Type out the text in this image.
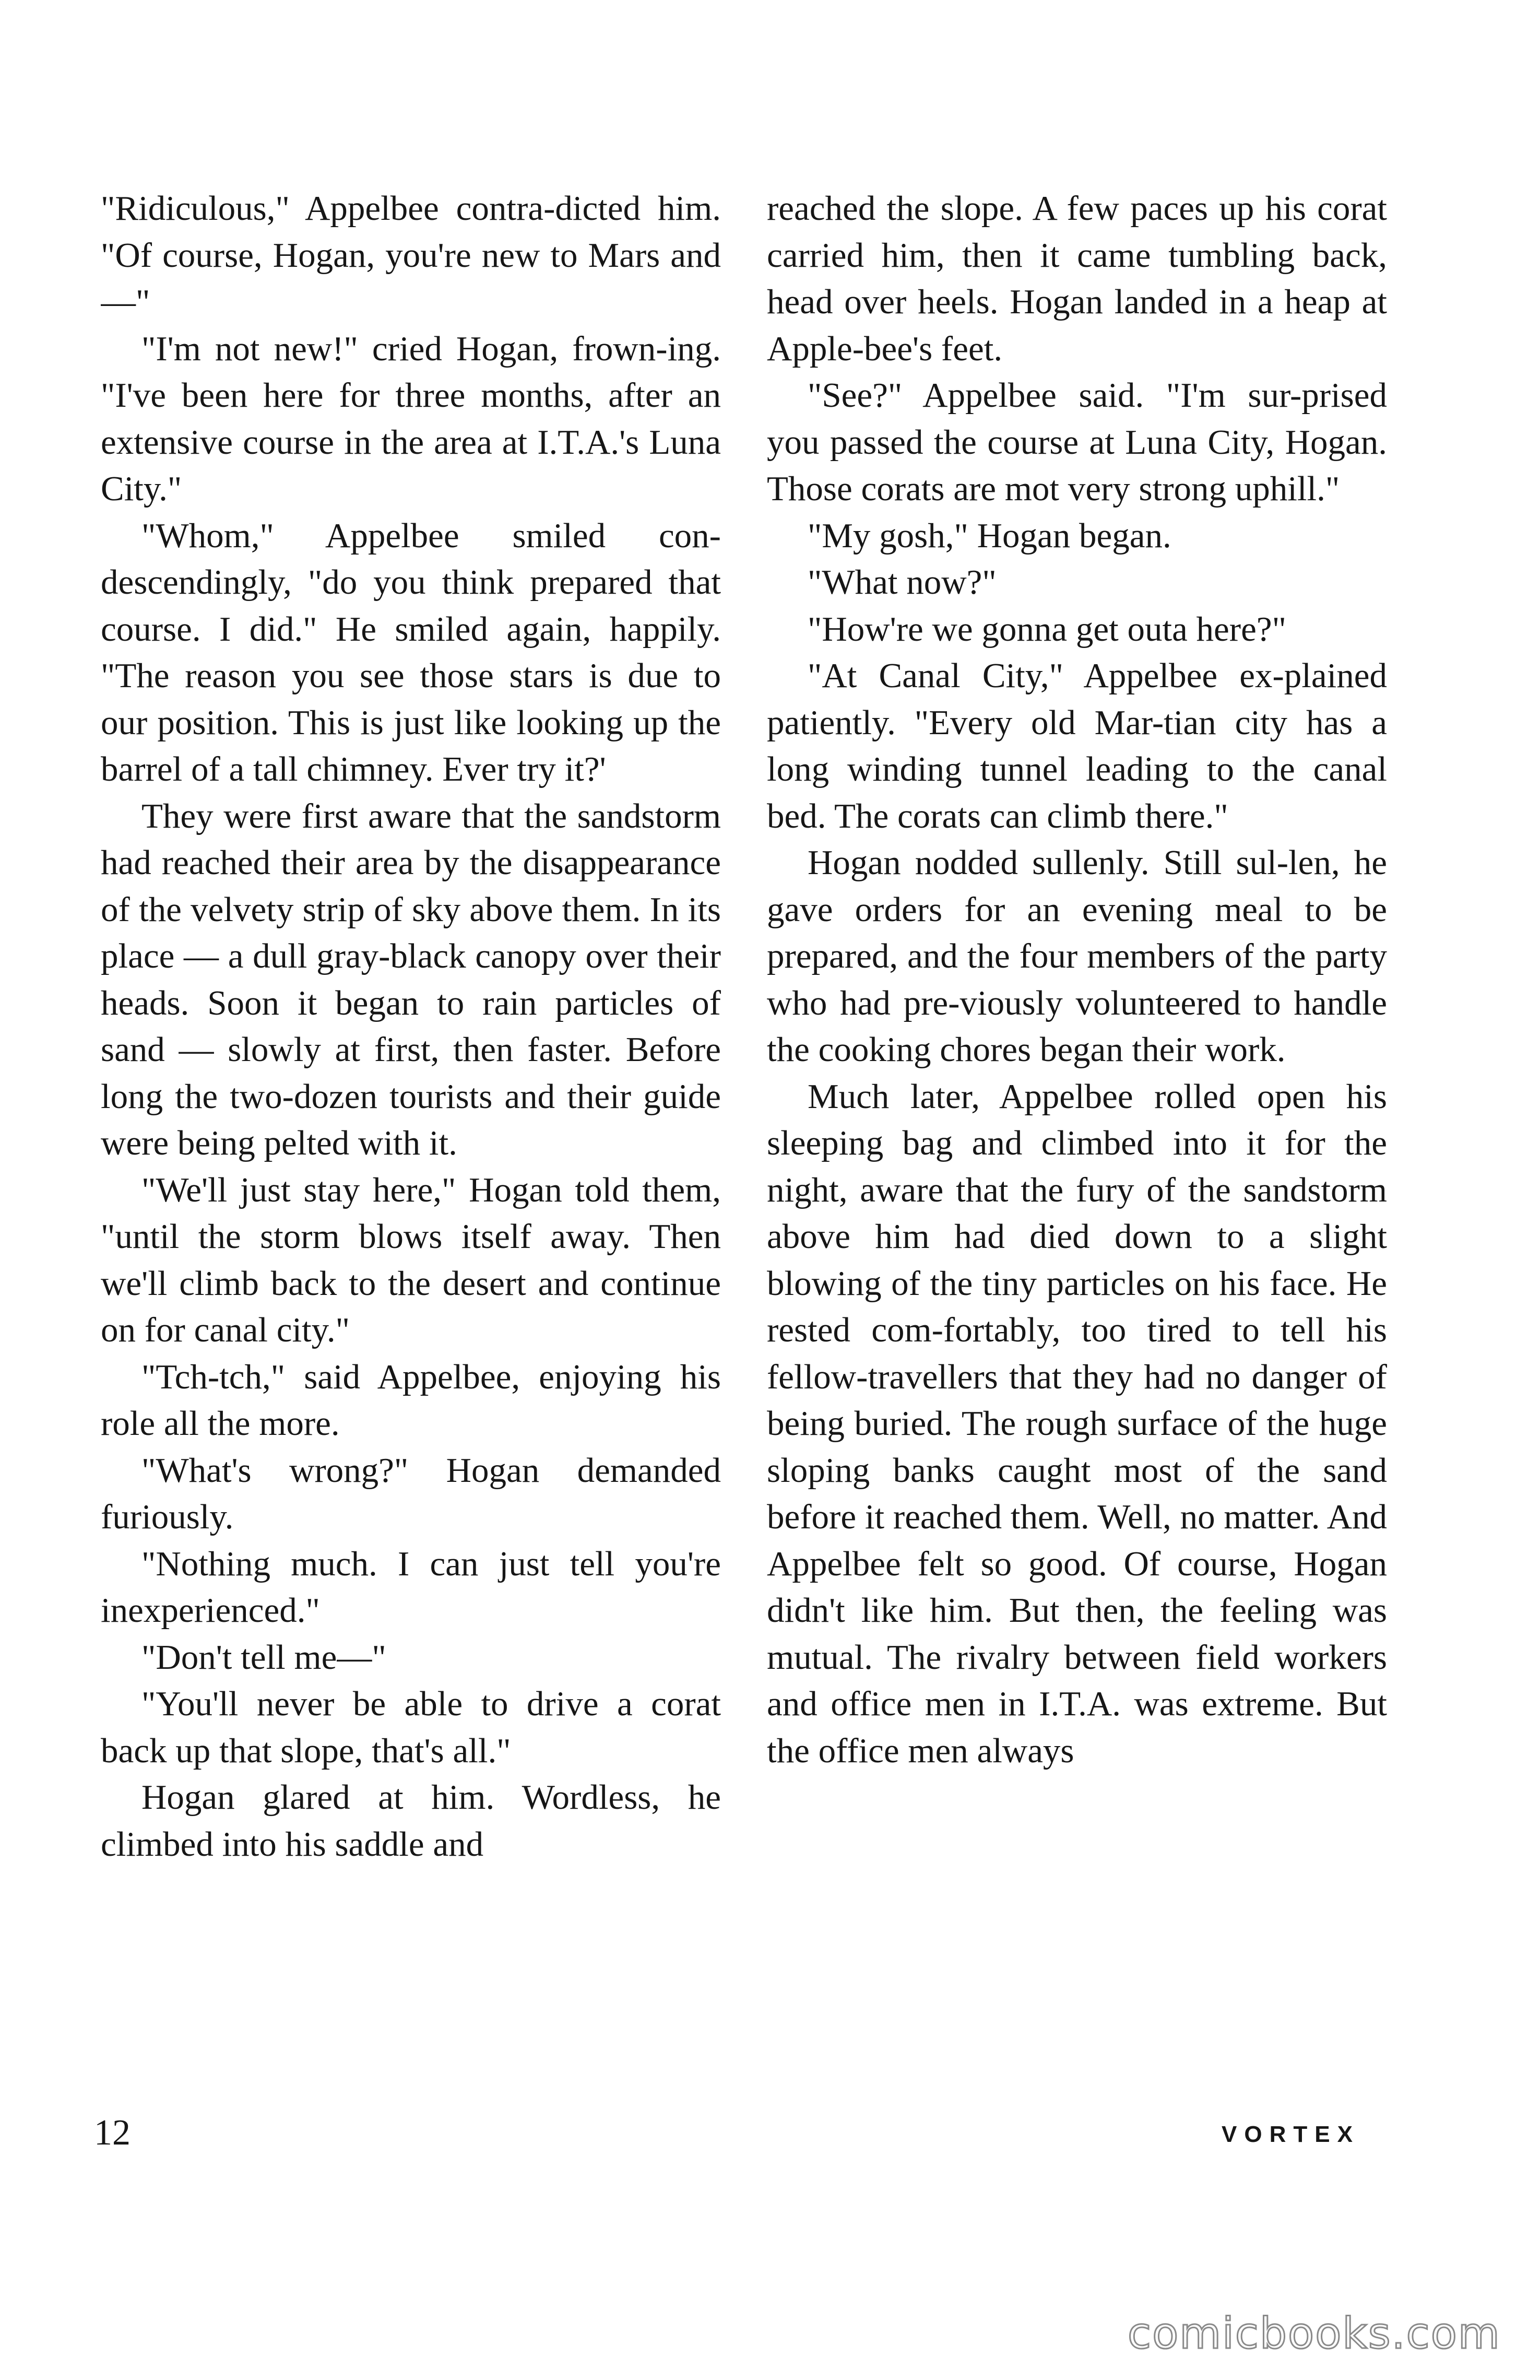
"Ridiculous," Appelbee contra-dicted him. "Of course, Hogan, you're new to Mars and—"

"I'm not new!" cried Hogan, frown-ing. "I've been here for three months, after an extensive course in the area at I.T.A.'s Luna City."

"Whom," Appelbee smiled con-descendingly, "do you think prepared that course. I did." He smiled again, happily. "The reason you see those stars is due to our position. This is just like looking up the barrel of a tall chimney. Ever try it?'

They were first aware that the sandstorm had reached their area by the disappearance of the velvety strip of sky above them. In its place — a dull gray-black canopy over their heads. Soon it began to rain particles of sand — slowly at first, then faster. Before long the two-dozen tourists and their guide were being pelted with it.

"We'll just stay here," Hogan told them, "until the storm blows itself away. Then we'll climb back to the desert and continue on for canal city."

"Tch-tch," said Appelbee, enjoying his role all the more.

"What's wrong?" Hogan demanded furiously.

"Nothing much. I can just tell you're inexperienced."

"Don't tell me—"

"You'll never be able to drive a corat back up that slope, that's all."

Hogan glared at him. Wordless, he climbed into his saddle and

reached the slope. A few paces up his corat carried him, then it came tumbling back, head over heels. Hogan landed in a heap at Apple-bee's feet.

"See?" Appelbee said. "I'm sur-prised you passed the course at Luna City, Hogan. Those corats are mot very strong uphill."

"My gosh," Hogan began.

"What now?"

"How're we gonna get outa here?"

"At Canal City," Appelbee ex-plained patiently. "Every old Mar-tian city has a long winding tunnel leading to the canal bed. The corats can climb there."

Hogan nodded sullenly. Still sul-len, he gave orders for an evening meal to be prepared, and the four members of the party who had pre-viously volunteered to handle the cooking chores began their work.

Much later, Appelbee rolled open his sleeping bag and climbed into it for the night, aware that the fury of the sandstorm above him had died down to a slight blowing of the tiny particles on his face. He rested com-fortably, too tired to tell his fellow-travellers that they had no danger of being buried. The rough surface of the huge sloping banks caught most of the sand before it reached them. Well, no matter. And Appelbee felt so good. Of course, Hogan didn't like him. But then, the feeling was mutual. The rivalry between field workers and office men in I.T.A. was extreme. But the office men always

12	VORTEX
comicbooks.com
